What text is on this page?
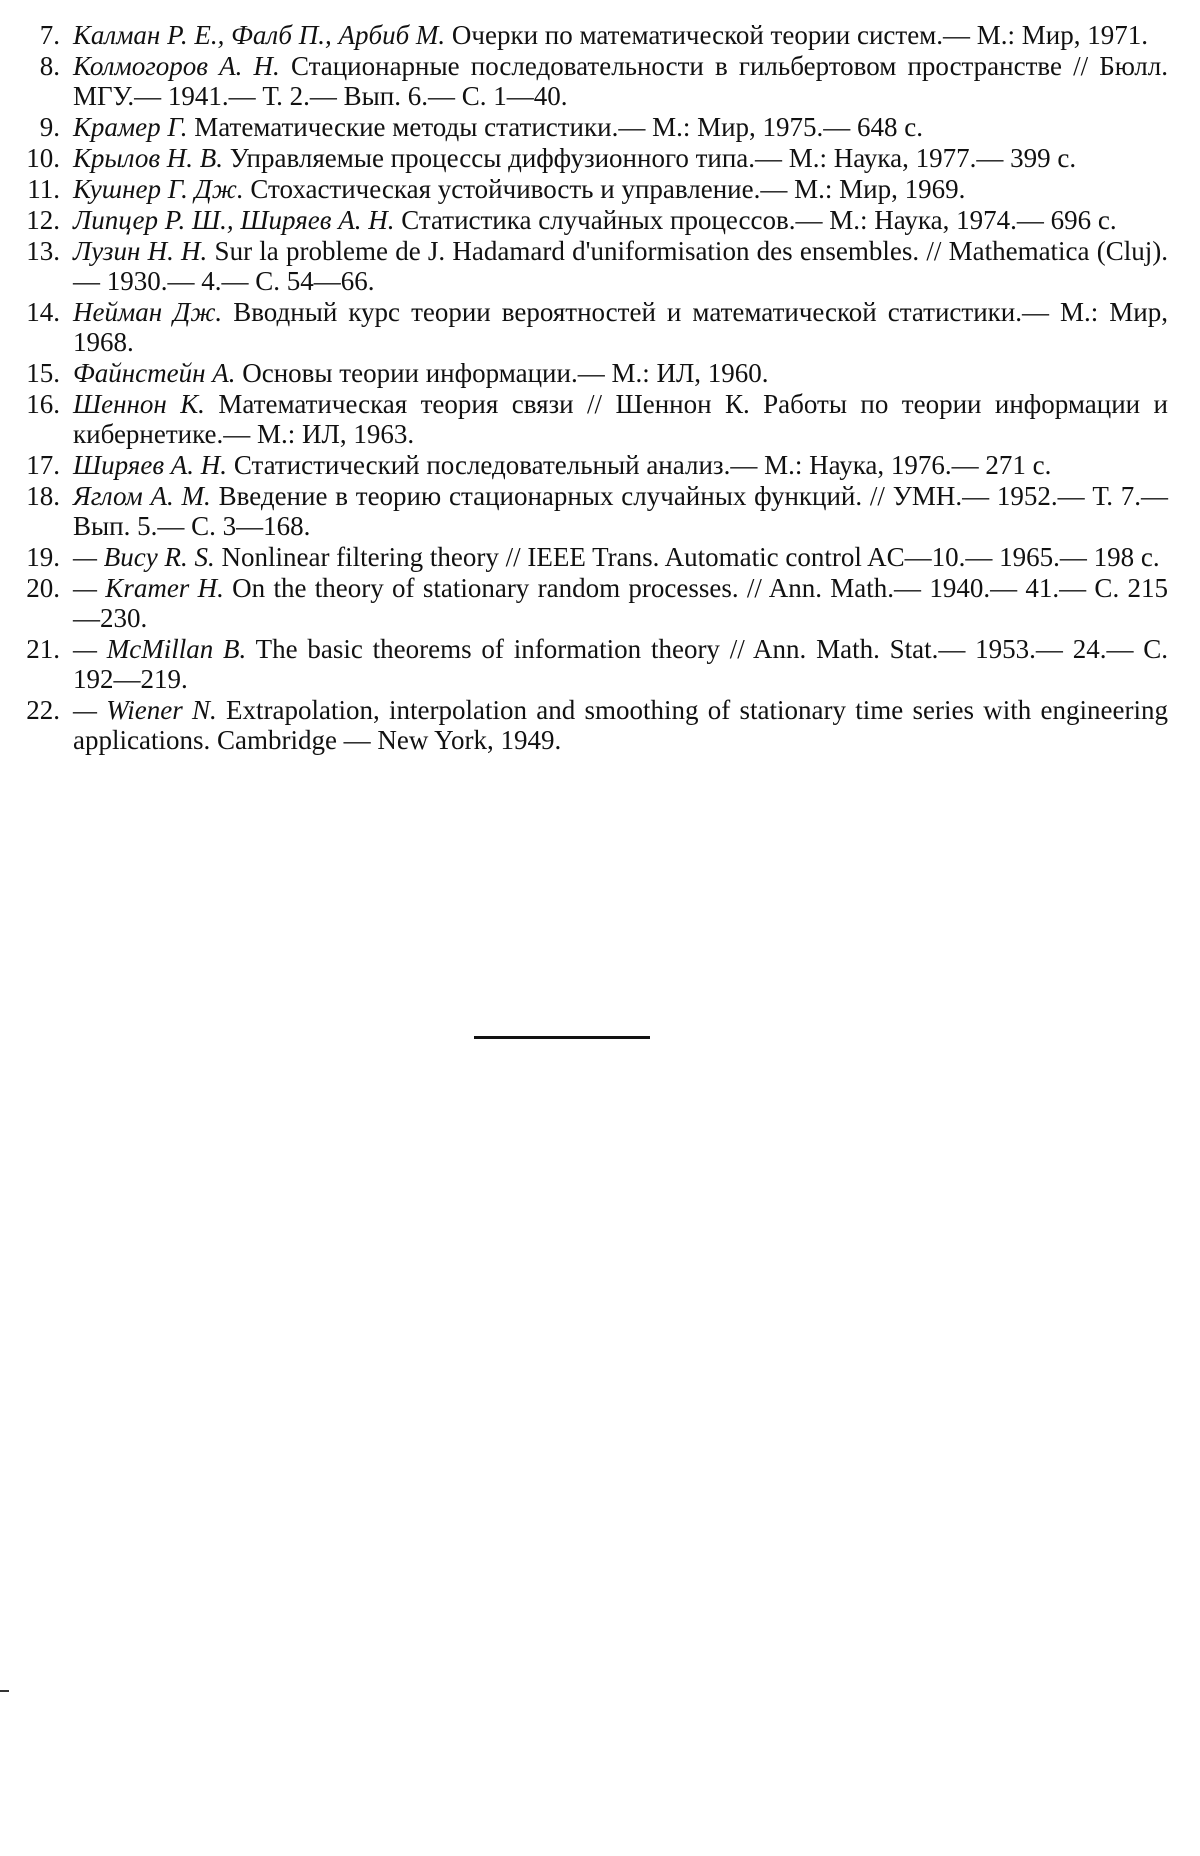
7. Калман Р. Е., Фалб П., Арбиб М. Очерки по математической теории систем.— М.: Мир, 1971.
8. Колмогоров А. Н. Стационарные последовательности в гильбертовом пространстве // Бюлл. МГУ.— 1941.— Т. 2.— Вып. 6.— С. 1—40.
9. Крамер Г. Математические методы статистики.— М.: Мир, 1975.— 648 с.
10. Крылов Н. В. Управляемые процессы диффузионного типа.— М.: Наука, 1977.— 399 с.
11. Кушнер Г. Дж. Стохастическая устойчивость и управление.— М.: Мир, 1969.
12. Липцер Р. Ш., Ширяев А. Н. Статистика случайных процессов.— М.: Наука, 1974.— 696 с.
13. Лузин Н. Н. Sur la probleme de J. Hadamard d'uniformisation des ensembles. // Mathematica (Cluj).— 1930.— 4.— С. 54—66.
14. Нейман Дж. Вводный курс теории вероятностей и математической статистики.— М.: Мир, 1968.
15. Файнстейн А. Основы теории информации.— М.: ИЛ, 1960.
16. Шеннон К. Математическая теория связи // Шеннон К. Работы по теории информации и кибернетике.— М.: ИЛ, 1963.
17. Ширяев А. Н. Статистический последовательный анализ.— М.: Наука, 1976.— 271 с.
18. Яглом А. М. Введение в теорию стационарных случайных функций. // УМН.— 1952.— Т. 7.— Вып. 5.— С. 3—168.
19. — Bucy R. S. Nonlinear filtering theory // IEEE Trans. Automatic control AC—10.— 1965.— 198 c.
20. — Kramer H. On the theory of stationary random processes. // Ann. Math.— 1940.— 41.— С. 215—230.
21. — McMillan B. The basic theorems of information theory // Ann. Math. Stat.— 1953.— 24.— С. 192—219.
22. — Wiener N. Extrapolation, interpolation and smoothing of stationary time series with engineering applications. Cambridge — New York, 1949.
